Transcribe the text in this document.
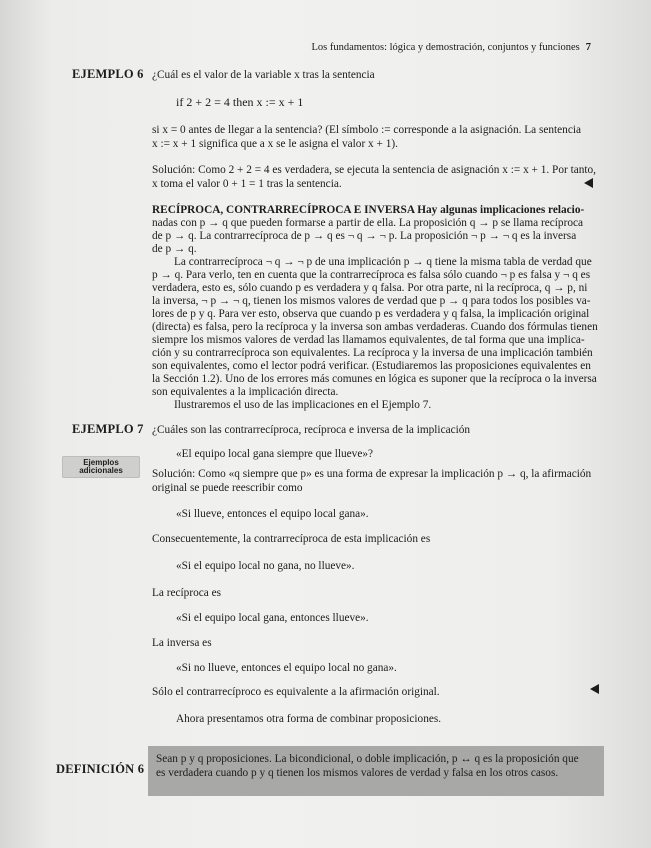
Los fundamentos: lógica y demostración, conjuntos y funciones 7
EJEMPLO 6 ¿Cuál es el valor de la variable x tras la sentencia
if 2 + 2 = 4 then x := x + 1
si x = 0 antes de llegar a la sentencia? (El símbolo := corresponde a la asignación. La sentencia
x := x + 1 significa que a x se le asigna el valor x + 1).
Solución: Como 2 + 2 = 4 es verdadera, se ejecuta la sentencia de asignación x := x + 1. Por tanto,
x toma el valor 0 + 1 = 1 tras la sentencia.
RECÍPROCA, CONTRARRECÍPROCA E INVERSA Hay algunas implicaciones relacio-
nadas con p → q que pueden formarse a partir de ella. La proposición q → p se llama recíproca
de p → q. La contrarrecíproca de p → q es ¬ q → ¬ p. La proposición ¬ p → ¬ q es la inversa
de p → q.
La contrarrecíproca ¬ q → ¬ p de una implicación p → q tiene la misma tabla de verdad que
p → q. Para verlo, ten en cuenta que la contrarrecíproca es falsa sólo cuando ¬ p es falsa y ¬ q es
verdadera, esto es, sólo cuando p es verdadera y q falsa. Por otra parte, ni la recíproca, q → p, ni
la inversa, ¬ p → ¬ q, tienen los mismos valores de verdad que p → q para todos los posibles va-
lores de p y q. Para ver esto, observa que cuando p es verdadera y q falsa, la implicación original
(directa) es falsa, pero la recíproca y la inversa son ambas verdaderas. Cuando dos fórmulas tienen
siempre los mismos valores de verdad las llamamos equivalentes, de tal forma que una implica-
ción y su contrarrecíproca son equivalentes. La recíproca y la inversa de una implicación también
son equivalentes, como el lector podrá verificar. (Estudiaremos las proposiciones equivalentes en
la Sección 1.2). Uno de los errores más comunes en lógica es suponer que la recíproca o la inversa
son equivalentes a la implicación directa.
Ilustraremos el uso de las implicaciones en el Ejemplo 7.
EJEMPLO 7 ¿Cuáles son las contrarrecíproca, recíproca e inversa de la implicación
«El equipo local gana siempre que llueve»?
Ejemplos adicionales	Solución: Como «q siempre que p» es una forma de expresar la implicación p → q, la afirmación
original se puede reescribir como
«Si llueve, entonces el equipo local gana».
Consecuentemente, la contrarrecíproca de esta implicación es
«Si el equipo local no gana, no llueve».
La recíproca es
«Si el equipo local gana, entonces llueve».
La inversa es
«Si no llueve, entonces el equipo local no gana».
Sólo el contrarrecíproco es equivalente a la afirmación original.
Ahora presentamos otra forma de combinar proposiciones.
DEFINICIÓN 6
Sean p y q proposiciones. La bicondicional, o doble implicación, p ↔ q es la proposición que
es verdadera cuando p y q tienen los mismos valores de verdad y falsa en los otros casos.
